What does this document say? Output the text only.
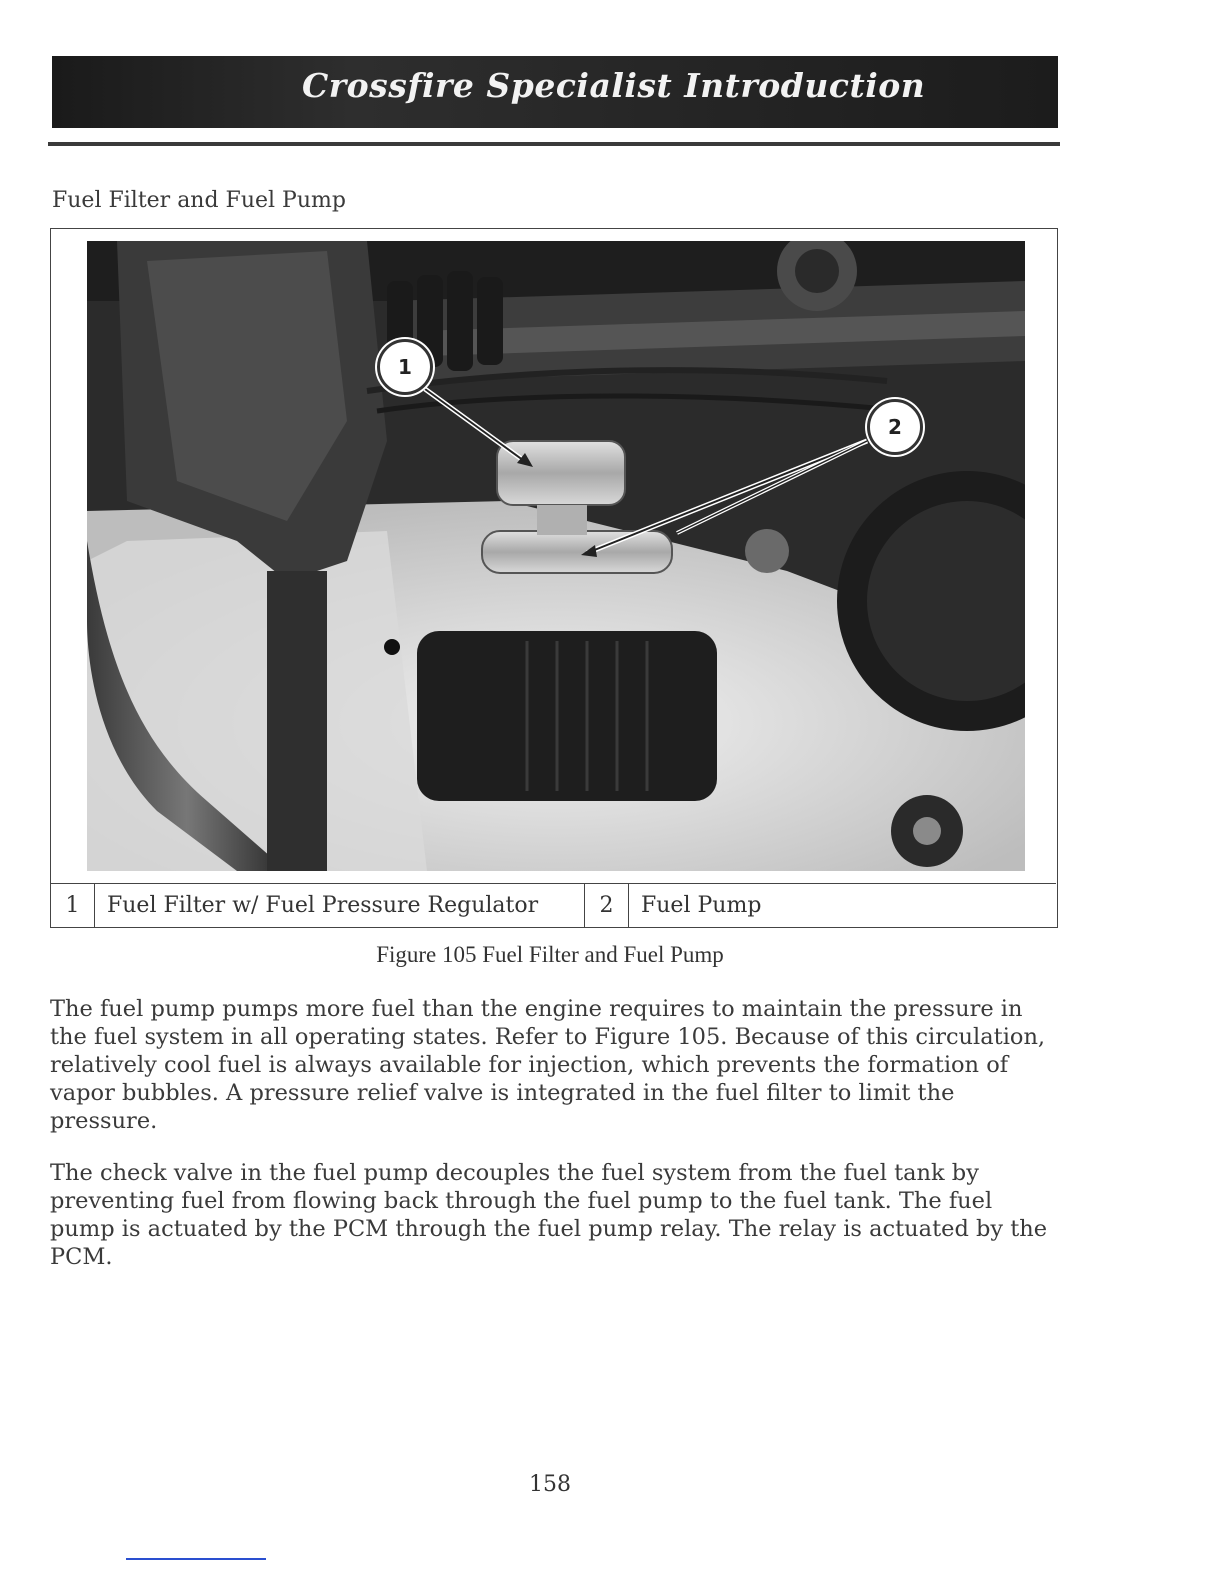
Crossfire Specialist Introduction
Fuel Filter and Fuel Pump
1
2
1	Fuel Filter w/ Fuel Pressure Regulator	2	Fuel Pump
Figure 105 Fuel Filter and Fuel Pump
The fuel pump pumps more fuel than the engine requires to maintain the pressure in the fuel system in all operating states. Refer to Figure 105. Because of this circulation, relatively cool fuel is always available for injection, which prevents the formation of vapor bubbles. A pressure relief valve is integrated in the fuel filter to limit the pressure.
The check valve in the fuel pump decouples the fuel system from the fuel tank by preventing fuel from flowing back through the fuel pump to the fuel tank. The fuel pump is actuated by the PCM through the fuel pump relay. The relay is actuated by the PCM.
158
